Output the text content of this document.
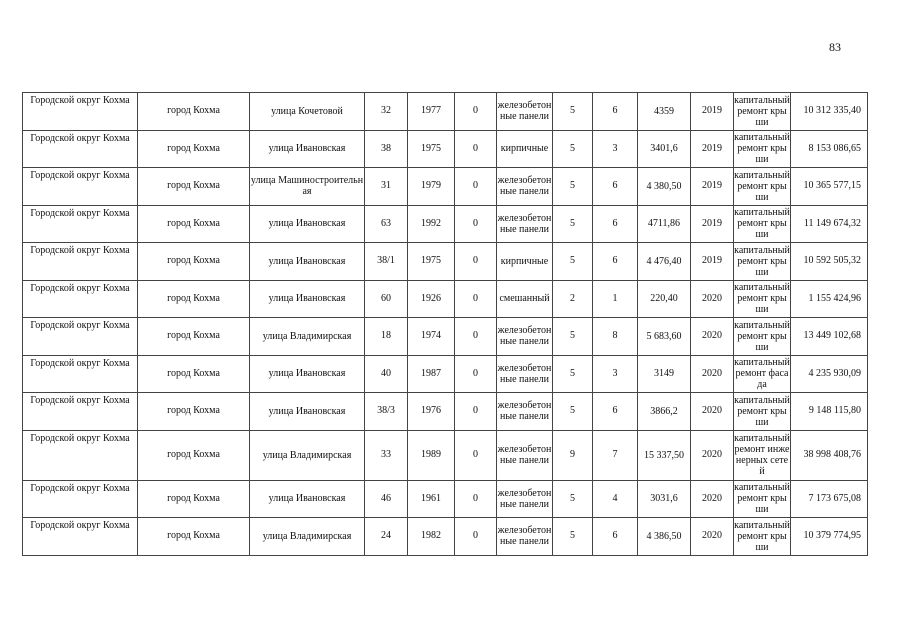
83
Городской округ Кохма	город Кохма	улица Кочетовой	32	1977	0	железобетонные панели	5	6	4359	2019	капитальный ремонт крыши	10 312 335,40
Городской округ Кохма	город Кохма	улица Ивановская	38	1975	0	кирпичные	5	3	3401,6	2019	капитальный ремонт крыши	8 153 086,65
Городской округ Кохма	город Кохма	улица Машиностроительная	31	1979	0	железобетонные панели	5	6	4 380,50	2019	капитальный ремонт крыши	10 365 577,15
Городской округ Кохма	город Кохма	улица Ивановская	63	1992	0	железобетонные панели	5	6	4711,86	2019	капитальный ремонт крыши	11 149 674,32
Городской округ Кохма	город Кохма	улица Ивановская	38/1	1975	0	кирпичные	5	6	4 476,40	2019	капитальный ремонт крыши	10 592 505,32
Городской округ Кохма	город Кохма	улица Ивановская	60	1926	0	смешанный	2	1	220,40	2020	капитальный ремонт крыши	1 155 424,96
Городской округ Кохма	город Кохма	улица Владимирская	18	1974	0	железобетонные панели	5	8	5 683,60	2020	капитальный ремонт крыши	13 449 102,68
Городской округ Кохма	город Кохма	улица Ивановская	40	1987	0	железобетонные панели	5	3	3149	2020	капитальный ремонт фасада	4 235 930,09
Городской округ Кохма	город Кохма	улица Ивановская	38/3	1976	0	железобетонные панели	5	6	3866,2	2020	капитальный ремонт крыши	9 148 115,80
Городской округ Кохма	город Кохма	улица Владимирская	33	1989	0	железобетонные панели	9	7	15 337,50	2020	капитальный ремонт инженерных сетей	38 998 408,76
Городской округ Кохма	город Кохма	улица Ивановская	46	1961	0	железобетонные панели	5	4	3031,6	2020	капитальный ремонт крыши	7 173 675,08
Городской округ Кохма	город Кохма	улица Владимирская	24	1982	0	железобетонные панели	5	6	4 386,50	2020	капитальный ремонт крыши	10 379 774,95
